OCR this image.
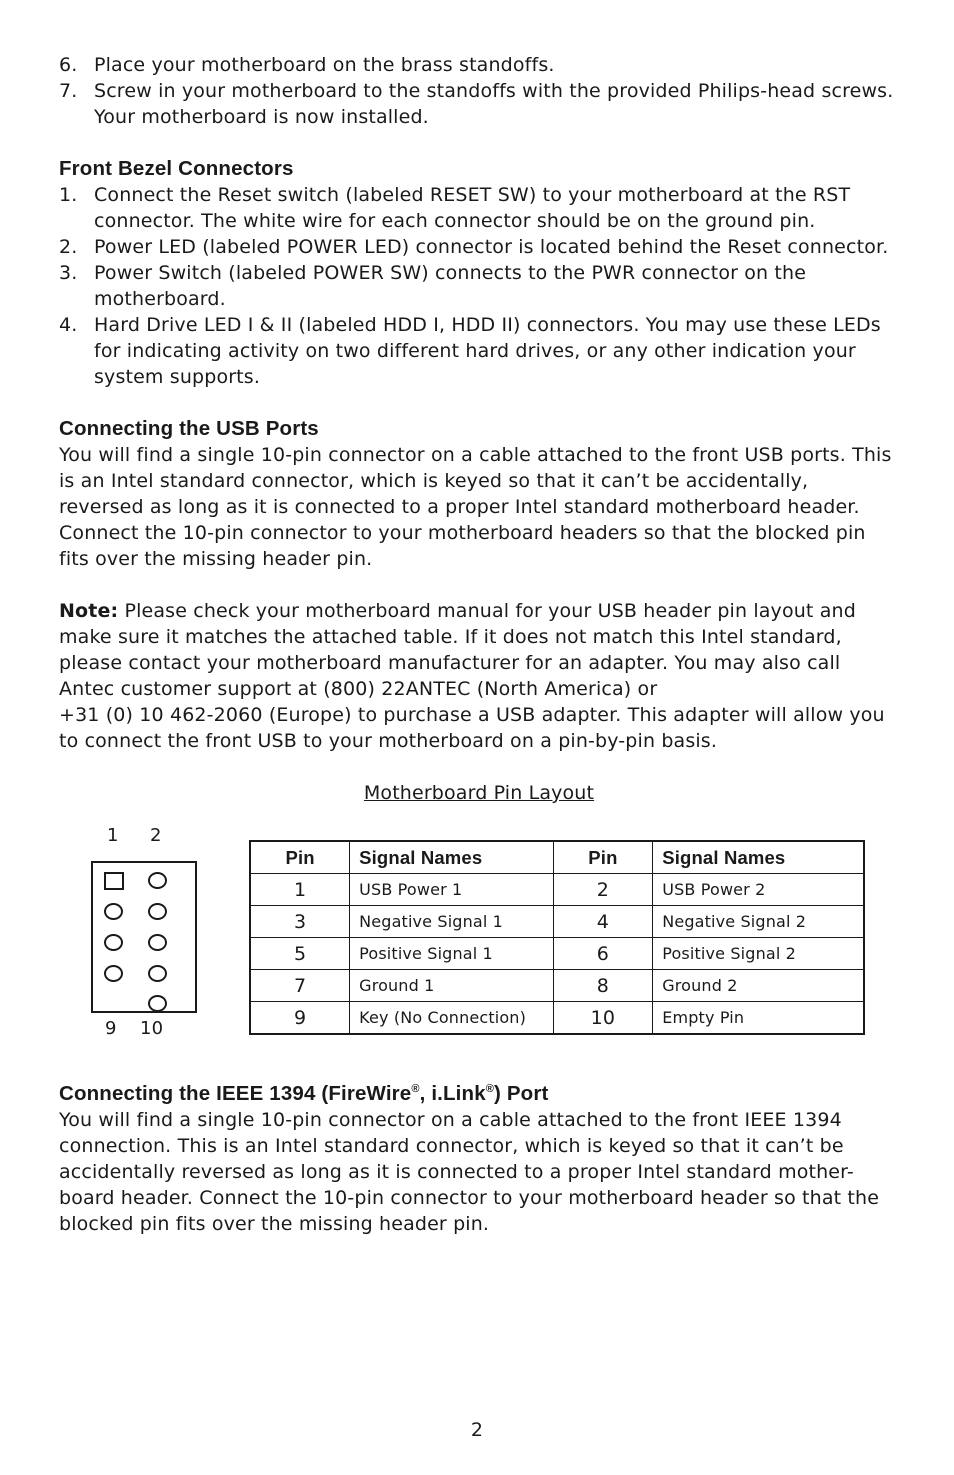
6. Place your motherboard on the brass standoffs.
7. Screw in your motherboard to the standoffs with the provided Philips-head screws. Your motherboard is now installed.
Front Bezel Connectors
1. Connect the Reset switch (labeled RESET SW) to your motherboard at the RST connector. The white wire for each connector should be on the ground pin.
2. Power LED (labeled POWER LED) connector is located behind the Reset connector.
3. Power Switch (labeled POWER SW) connects to the PWR connector on the motherboard.
4. Hard Drive LED I & II (labeled HDD I, HDD II) connectors. You may use these LEDs for indicating activity on two different hard drives, or any other indication your system supports.
Connecting the USB Ports

You will find a single 10-pin connector on a cable attached to the front USB ports. This is an Intel standard connector, which is keyed so that it can’t be accidentally, reversed as long as it is connected to a proper Intel standard motherboard header. Connect the 10-pin connector to your motherboard headers so that the blocked pin fits over the missing header pin.

Note: Please check your motherboard manual for your USB header pin layout and make sure it matches the attached table. If it does not match this Intel standard, please contact your motherboard manufacturer for an adapter. You may also call Antec customer support at (800) 22ANTEC (North America) or

+31 (0) 10 462-2060 (Europe) to purchase a USB adapter. This adapter will allow you to connect the front USB to your motherboard on a pin-by-pin basis.

Motherboard Pin Layout
1 2
9 10
Pin	Signal Names	Pin	Signal Names
1	USB Power 1	2	USB Power 2
3	Negative Signal 1	4	Negative Signal 2
5	Positive Signal 1	6	Positive Signal 2
7	Ground 1	8	Ground 2
9	Key (No Connection)	10	Empty Pin
Connecting the IEEE 1394 (FireWire®, i.Link®) Port

You will find a single 10-pin connector on a cable attached to the front IEEE 1394 connection. This is an Intel standard connector, which is keyed so that it can’t be accidentally reversed as long as it is connected to a proper Intel standard mother-board header. Connect the 10-pin connector to your motherboard header so that the blocked pin fits over the missing header pin.

2
